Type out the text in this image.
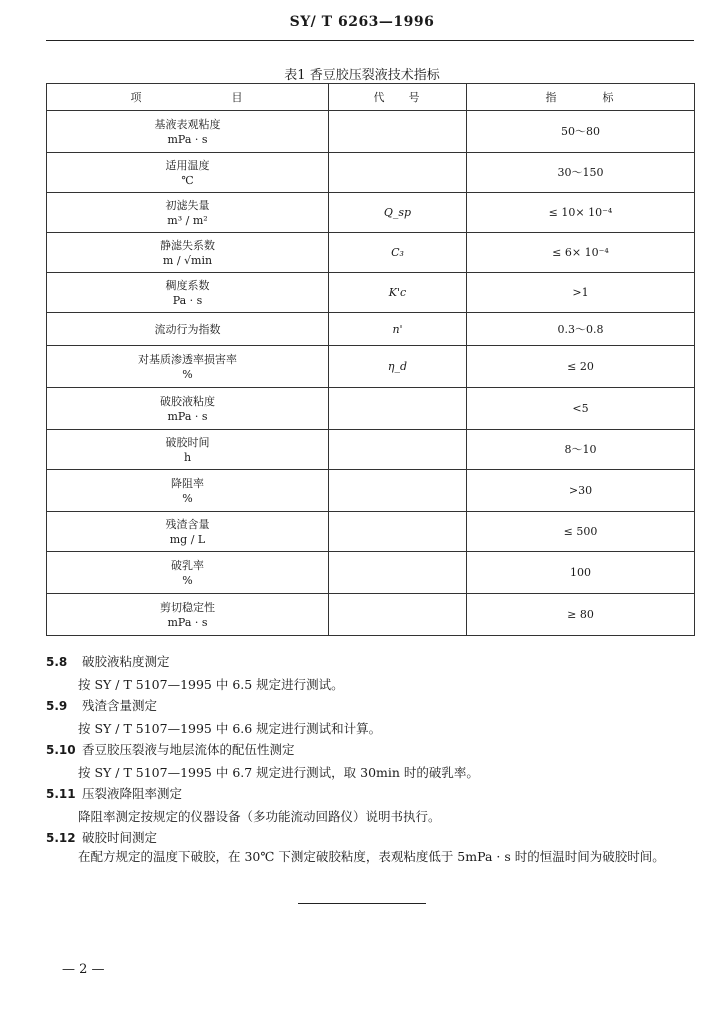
SY/ T 6263—1996
表1 香豆胶压裂液技术指标
项                目	代    号	指        标

基液表观粘度
mPa · s		50～80

适用温度
℃		30～150

初滤失量
m³ / m²	Q_sp	≤ 10× 10⁻⁴

静滤失系数
m / √min	C₃	≤ 6× 10⁻⁴

稠度系数
Pa · s	K'c	>1

流动行为指数	n'	0.3～0.8

对基质渗透率损害率
%	η_d	≤ 20

破胶液粘度
mPa · s		<5

破胶时间
h		8～10

降阻率
%		>30

残渣含量
mg / L		≤ 500

破乳率
%		100

剪切稳定性
mPa · s		≥ 80
5.8 破胶液粘度测定
按 SY / T 5107—1995 中 6.5 规定进行测试。
5.9 残渣含量测定
按 SY / T 5107—1995 中 6.6 规定进行测试和计算。
5.10 香豆胶压裂液与地层流体的配伍性测定
按 SY / T 5107—1995 中 6.7 规定进行测试，取 30min 时的破乳率。
5.11 压裂液降阻率测定
降阻率测定按规定的仪器设备（多功能流动回路仪）说明书执行。
5.12 破胶时间测定
在配方规定的温度下破胶，在 30℃ 下测定破胶粘度，表观粘度低于 5mPa · s 时的恒温时间为破胶时间。
— 2 —
